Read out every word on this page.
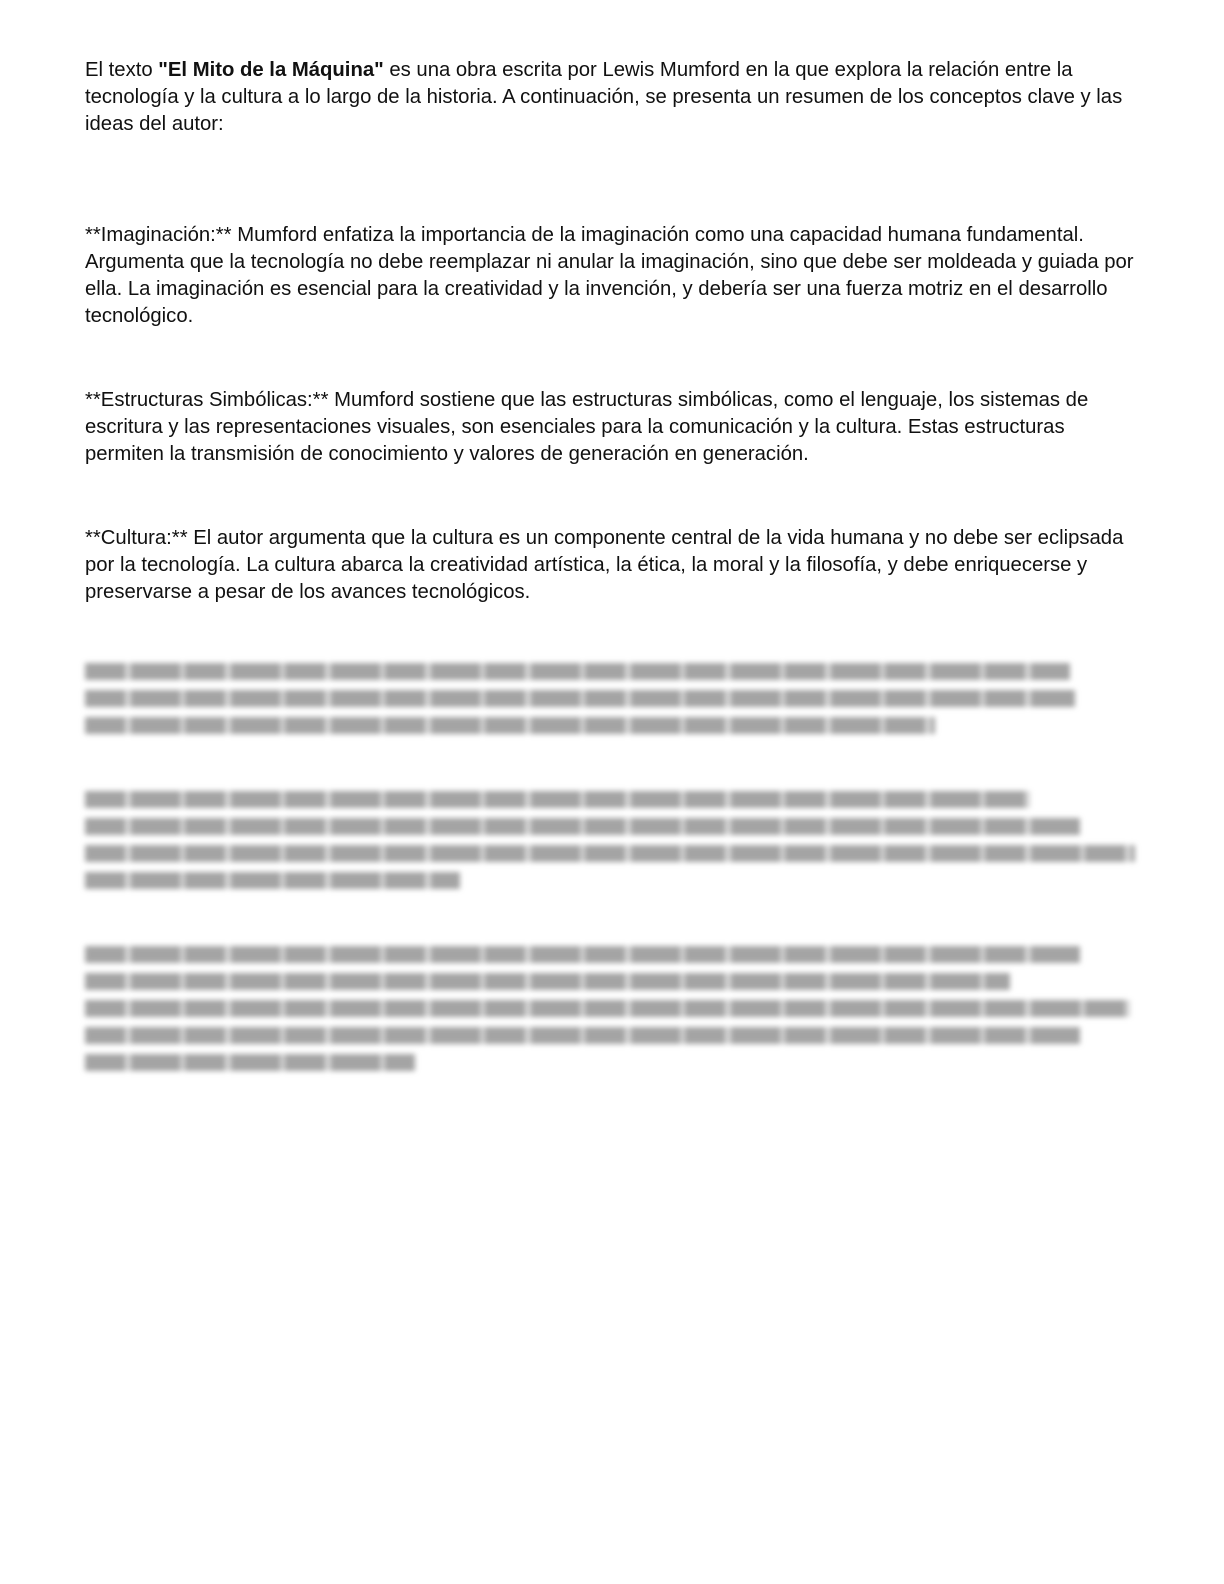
El texto "El Mito de la Máquina" es una obra escrita por Lewis Mumford en la que explora la relación entre la tecnología y la cultura a lo largo de la historia. A continuación, se presenta un resumen de los conceptos clave y las ideas del autor:

**Imaginación:** Mumford enfatiza la importancia de la imaginación como una capacidad humana fundamental. Argumenta que la tecnología no debe reemplazar ni anular la imaginación, sino que debe ser moldeada y guiada por ella. La imaginación es esencial para la creatividad y la invención, y debería ser una fuerza motriz en el desarrollo tecnológico.

**Estructuras Simbólicas:** Mumford sostiene que las estructuras simbólicas, como el lenguaje, los sistemas de escritura y las representaciones visuales, son esenciales para la comunicación y la cultura. Estas estructuras permiten la transmisión de conocimiento y valores de generación en generación.

**Cultura:** El autor argumenta que la cultura es un componente central de la vida humana y no debe ser eclipsada por la tecnología. La cultura abarca la creatividad artística, la ética, la moral y la filosofía, y debe enriquecerse y preservarse a pesar de los avances tecnológicos.
